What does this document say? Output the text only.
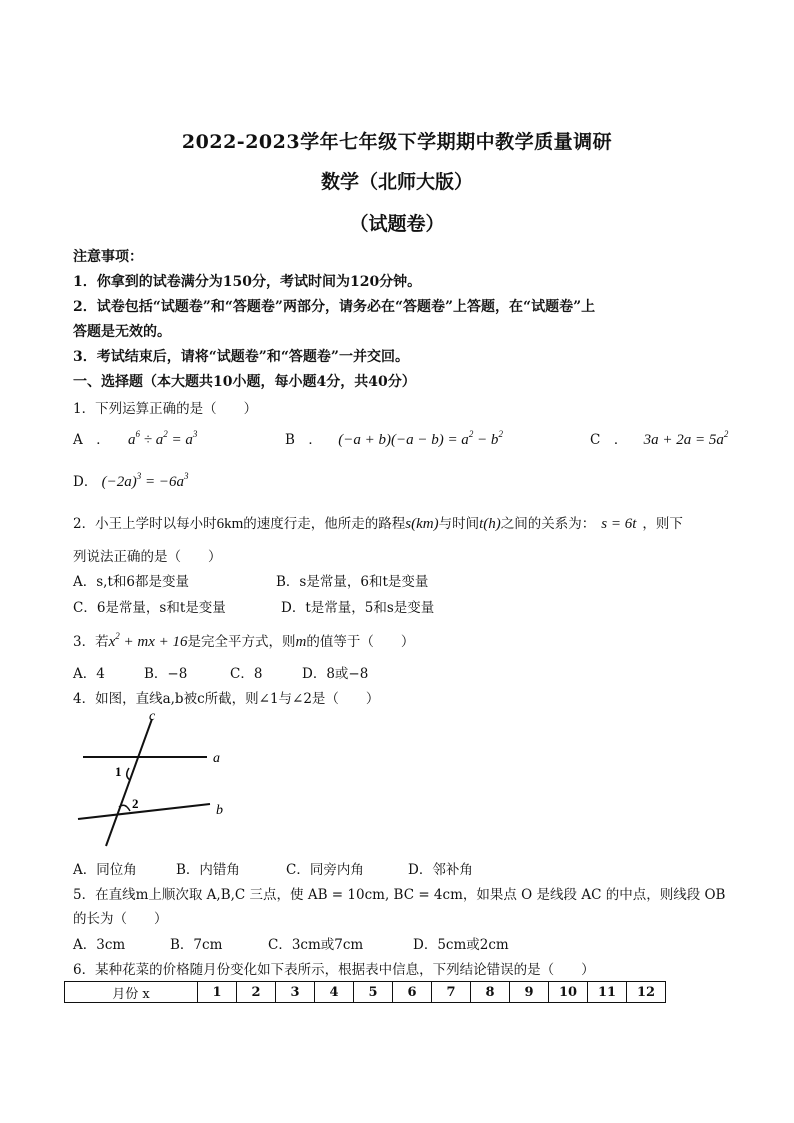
2022-2023学年七年级下学期期中教学质量调研
数学（北师大版）
（试题卷）
注意事项：
1．你拿到的试卷满分为150分，考试时间为120分钟。
2．试卷包括“试题卷”和“答题卷”两部分，请务必在“答题卷”上答题，在“试题卷”上
答题是无效的。
3．考试结束后，请将“试题卷”和“答题卷”一并交回。
一、选择题（本大题共10小题，每小题4分，共40分）
1．下列运算正确的是（　　）
A　． $a^6 \div a^2 = a^3$	B　． $(-a + b)(-a - b) = a^2 - b^2$	C　． $3a + 2a = 5a^2$
D． $(-2a)^3 = -6a^3$
2．小王上学时以每小时6km的速度行走，他所走的路程s(km)与时间t(h)之间的关系为： s = 6t ，则下
列说法正确的是（　　）
A．s,t和6都是变量	B．s是常量，6和t是变量
C．6是常量，s和t是变量	D．t是常量，5和s是变量
3．若$x^2$ + mx + 16是完全平方式，则m的值等于（　　）
A．4	B．−8	C．8	D．8或−8
4．如图，直线a,b被c所截，则∠1与∠2是（　　）
c
a
b
1
2
A．同位角	B．内错角	C．同旁内角	D．邻补角
5．在直线m上顺次取 A,B,C 三点，使 AB = 10cm, BC = 4cm，如果点 O 是线段 AC 的中点，则线段 OB
的长为（　　）
A．3cm	B．7cm	C．3cm或7cm	D．5cm或2cm
6．某种花菜的价格随月份变化如下表所示，根据表中信息，下列结论错误的是（　　）
月份 x	1	2	3	4	5	6	7	8	9	10	11	12
